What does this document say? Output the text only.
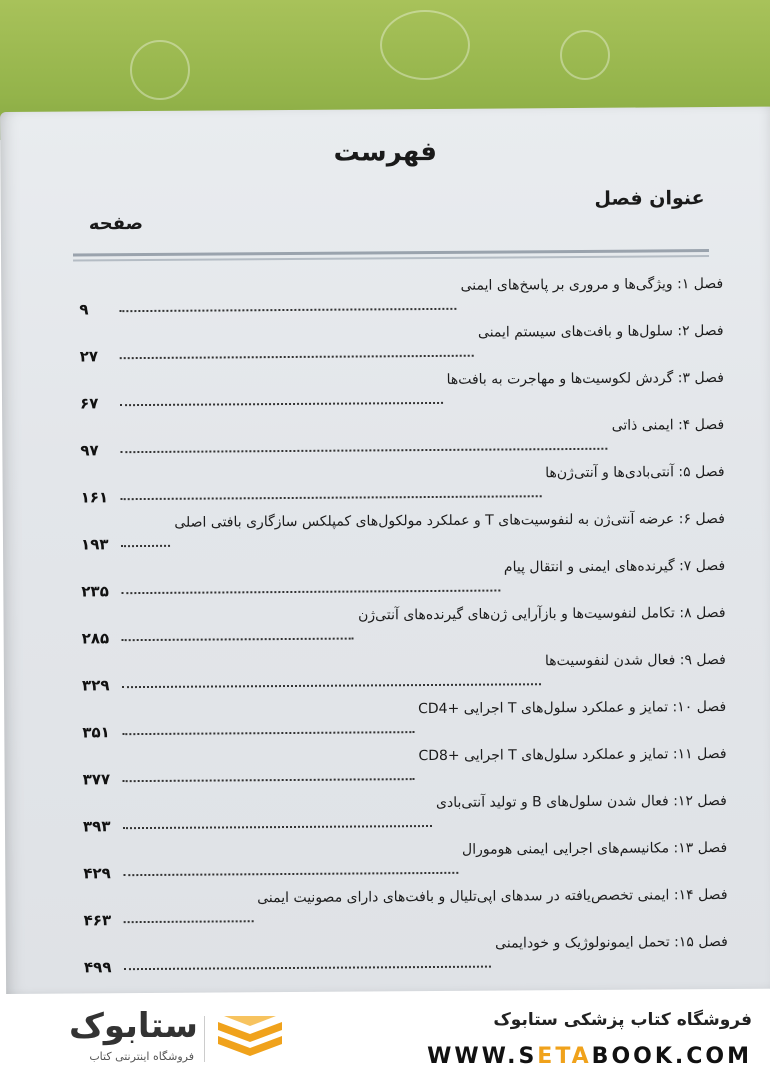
فهرست
عنوان فصل
صفحه
فصل ۱: ویژگی‌ها و مروری بر پاسخ‌های ایمنی
۹
فصل ۲: سلول‌ها و بافت‌های سیستم ایمنی
۲۷
فصل ۳: گردش لکوسیت‌ها و مهاجرت به بافت‌ها
۶۷
فصل ۴: ایمنی ذاتی
۹۷
فصل ۵: آنتی‌بادی‌ها و آنتی‌ژن‌ها
۱۶۱
فصل ۶: عرضه آنتی‌ژن به لنفوسیت‌های T و عملکرد مولکول‌های کمپلکس سازگاری بافتی اصلی
۱۹۳
فصل ۷: گیرنده‌های ایمنی و انتقال پیام
۲۳۵
فصل ۸: تکامل لنفوسیت‌ها و بازآرایی ژن‌های گیرنده‌های آنتی‌ژن
۲۸۵
فصل ۹: فعال شدن لنفوسیت‌ها
۳۲۹
فصل ۱۰: تمایز و عملکرد سلول‌های T اجرایی +CD4
۳۵۱
فصل ۱۱: تمایز و عملکرد سلول‌های T اجرایی +CD8
۳۷۷
فصل ۱۲: فعال شدن سلول‌های B و تولید آنتی‌بادی
۳۹۳
فصل ۱۳: مکانیسم‌های اجرایی ایمنی هومورال
۴۲۹
فصل ۱۴: ایمنی تخصص‌یافته در سدهای اپی‌تلیال و بافت‌های دارای مصونیت ایمنی
۴۶۳
فصل ۱۵: تحمل ایمونولوژیک و خودایمنی
۴۹۹
فروشگاه کتاب پزشکی ستابوک
WWW.SETABOOK.COM
ستابوک
فروشگاه اینترنتی کتاب
